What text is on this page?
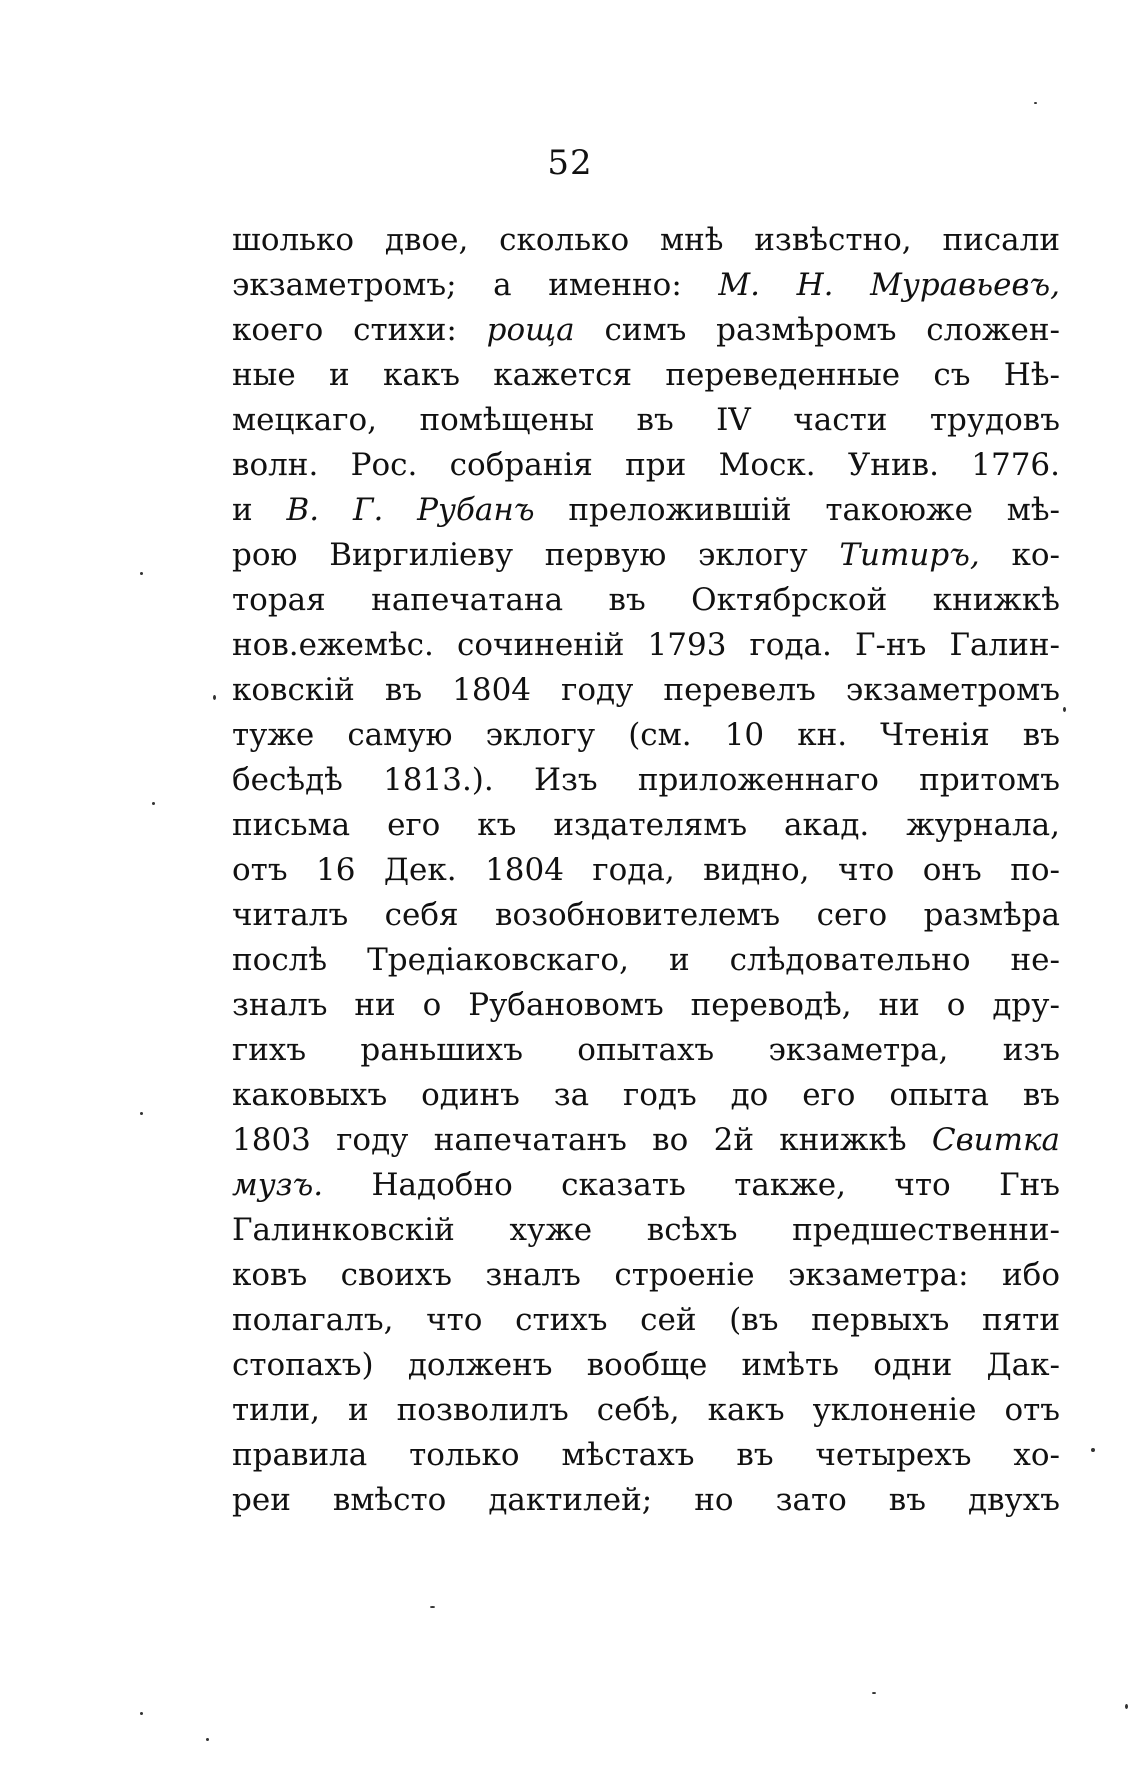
52
шолько двое, сколько мнѣ извѣстно, писали
экзаметромъ; а именно: М. Н. Муравьевъ,
коего стихи: роща симъ размѣромъ сложен-
ные и какъ кажется переведенные съ Нѣ-
мецкаго, помѣщены въ IV части трудовъ
волн. Рос. собранія при Моск. Унив. 1776.
и В. Г. Рубанъ преложившій такоюже мѣ-
рою Виргиліеву первую эклогу Титиръ, ко-
торая напечатана въ Октябрской книжкѣ
нов.ежемѣс. сочиненій 1793 года. Г-нъ Галин-
ковскій въ 1804 году перевелъ экзаметромъ
туже самую эклогу (см. 10 кн. Чтенія въ
бесѣдѣ 1813.). Изъ приложеннаго притомъ
письма его къ издателямъ акад. журнала,
отъ 16 Дек. 1804 года, видно, что онъ по-
читалъ себя возобновителемъ сего размѣра
послѣ Тредіаковскаго, и слѣдовательно не-
зналъ ни о Рубановомъ переводѣ, ни о дру-
гихъ раньшихъ опытахъ экзаметра, изъ
каковыхъ одинъ за годъ до его опыта въ
1803 году напечатанъ во 2й книжкѣ Свитка
музъ. Надобно сказать также, что Гнъ
Галинковскій хуже всѣхъ предшественни-
ковъ своихъ зналъ строеніе экзаметра: ибо
полагалъ, что стихъ сей (въ первыхъ пяти
стопахъ) долженъ вообще имѣть одни Дак-
тили, и позволилъ себѣ, какъ уклоненіе отъ
правила только мѣстахъ въ четырехъ хо-
реи вмѣсто дактилей; но зато въ двухъ
